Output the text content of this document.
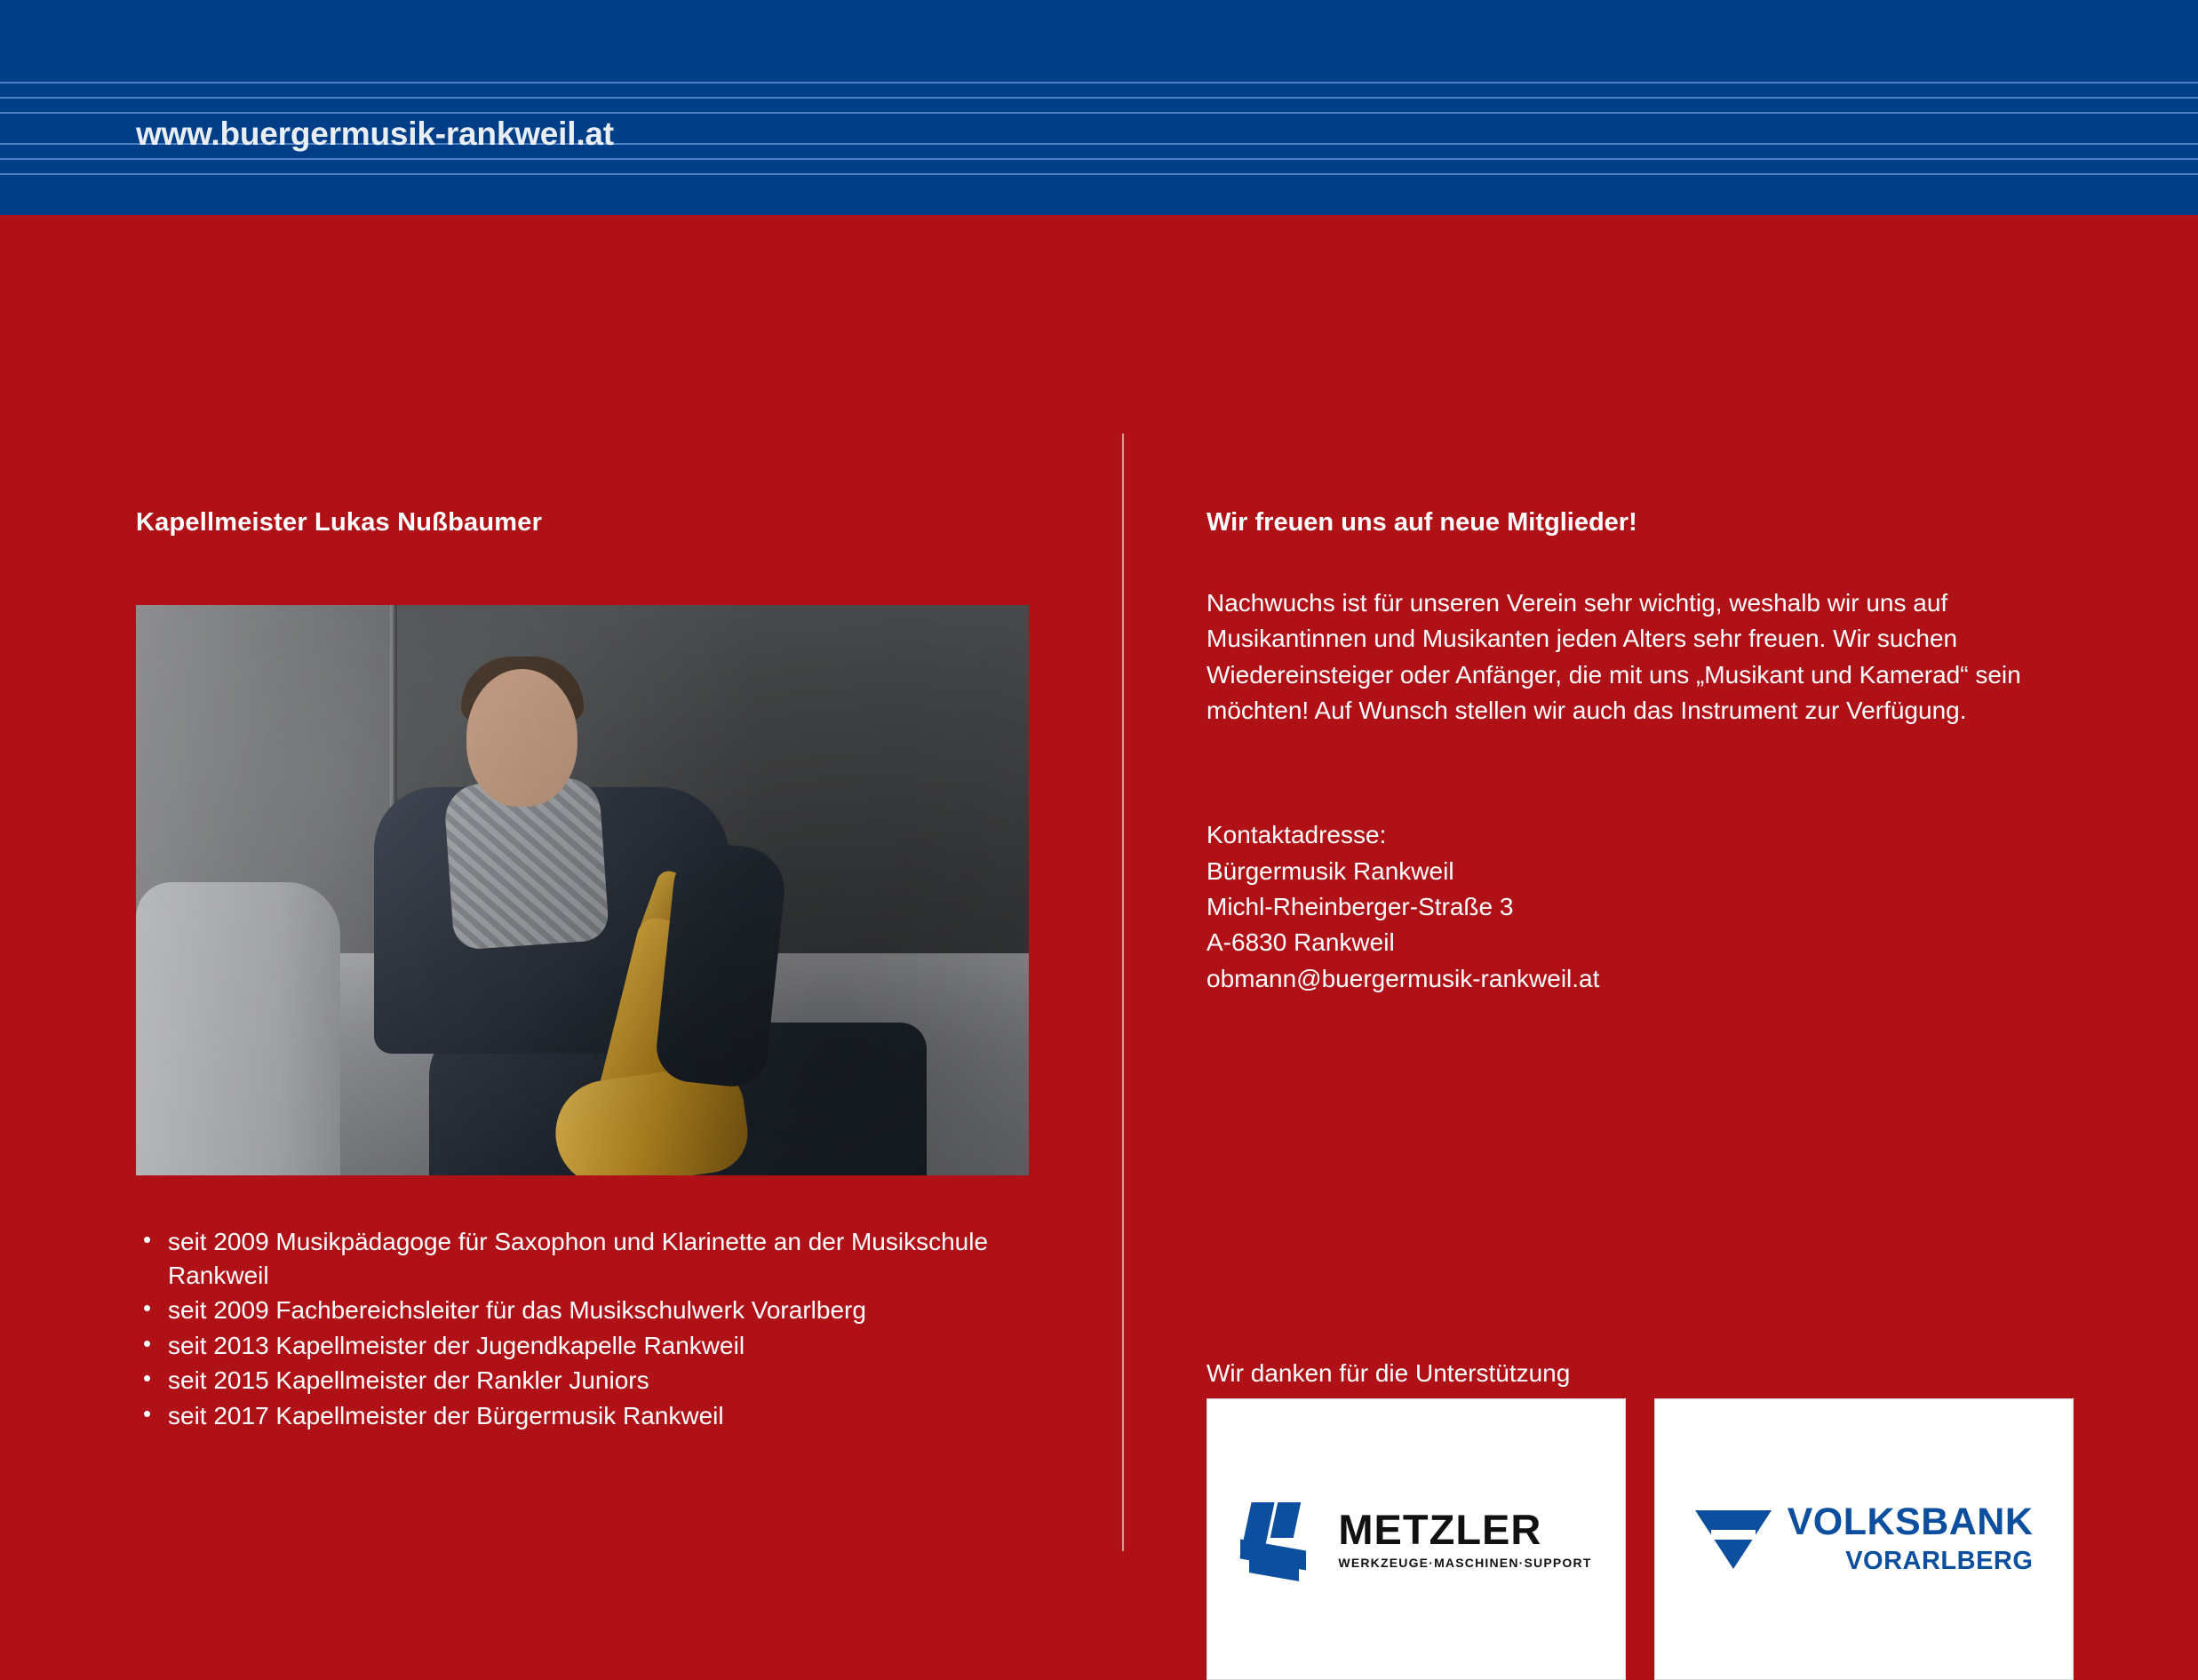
www.buergermusik-rankweil.at
Kapellmeister Lukas Nußbaumer
• seit 2009 Musikpädagoge für Saxophon und Klarinette an der Musikschule Rankweil
• seit 2009 Fachbereichsleiter für das Musikschulwerk Vorarlberg
• seit 2013 Kapellmeister der Jugendkapelle Rankweil
• seit 2015 Kapellmeister der Rankler Juniors
• seit 2017 Kapellmeister der Bürgermusik Rankweil
Wir freuen uns auf neue Mitglieder!

Nachwuchs ist für unseren Verein sehr wichtig, weshalb wir uns auf Musikantinnen und Musikanten jeden Alters sehr freuen. Wir suchen Wiedereinsteiger oder Anfänger, die mit uns „Musikant und Kamerad“ sein möchten! Auf Wunsch stellen wir auch das Instrument zur Verfügung.

Kontaktadresse:
Bürgermusik Rankweil
Michl-Rheinberger-Straße 3
A-6830 Rankweil
obmann@buergermusik-rankweil.at
Wir danken für die Unterstützung
METZLER
WERKZEUGE·MASCHINEN·SUPPORT
VOLKSBANK
VORARLBERG
